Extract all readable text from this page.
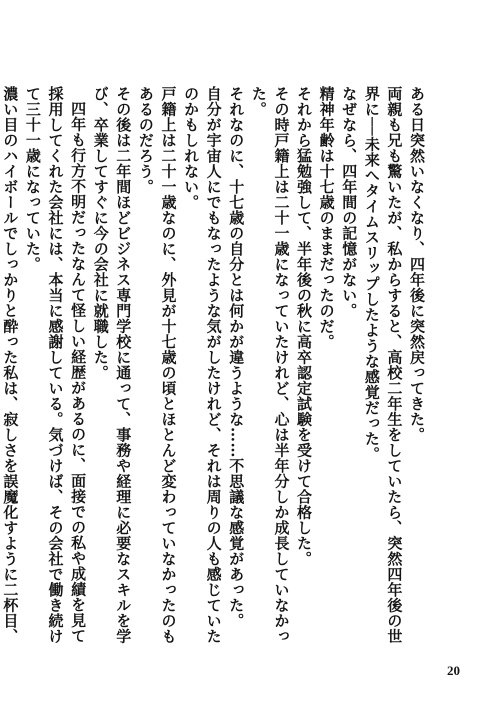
ある日突然いなくなり、四年後に突然戻ってきた。

両親も兄も驚いたが、私からすると、高校二年生をしていたら、突然四年後の世界に──未来へタイムスリップしたような感覚だった。

なぜなら、四年間の記憶がない。

精神年齢は十七歳のままだったのだ。

それから猛勉強して、半年後の秋に高卒認定試験を受けて合格した。

その時戸籍上は二十一歳になっていたけれど、心は半年分しか成長していなかった。

それなのに、十七歳の自分とは何かが違うような……不思議な感覚があった。

自分が宇宙人にでもなったような気がしたけれど、それは周りの人も感じていたのかもしれない。

戸籍上は二十一歳なのに、外見が十七歳の頃とほとんど変わっていなかったのもあるのだろう。

その後は二年間ほどビジネス専門学校に通って、事務や経理に必要なスキルを学び、卒業してすぐに今の会社に就職した。

四年も行方不明だったなんて怪しい経歴があるのに、面接での私や成績を見て採用してくれた会社には、本当に感謝している。気づけば、その会社で働き続けて三十一歳になっていた。

濃い目のハイボールでしっかりと酔った私は、寂しさを誤魔化すように二杯目、

20
